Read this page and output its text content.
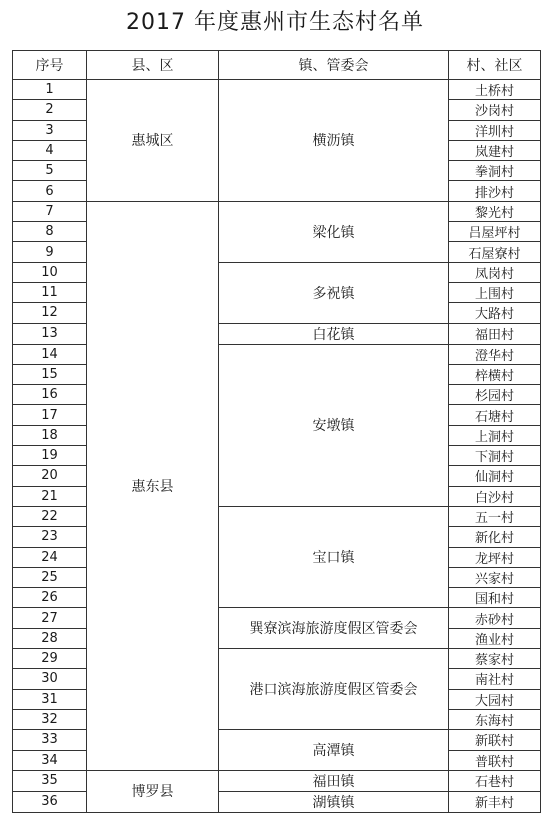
2017 年度惠州市生态村名单
序号	县、区	镇、管委会	村、社区
1	惠城区	横沥镇	土桥村
2			沙岗村
3			洋圳村
4			岚建村
5			拳洞村
6			排沙村
7	惠东县	梁化镇	黎光村
8			吕屋坪村
9			石屋寮村
10		多祝镇	凤岗村
11			上围村
12			大路村
13		白花镇	福田村
14		安墩镇	澄华村
15			梓横村
16			杉园村
17			石塘村
18			上洞村
19			下洞村
20			仙洞村
21			白沙村
22		宝口镇	五一村
23			新化村
24			龙坪村
25			兴家村
26			国和村
27		巽寮滨海旅游度假区管委会	赤砂村
28			渔业村
29		港口滨海旅游度假区管委会	蔡家村
30			南社村
31			大园村
32			东海村
33		高潭镇	新联村
34			普联村
35	博罗县	福田镇	石巷村
36		湖镇镇	新丰村
